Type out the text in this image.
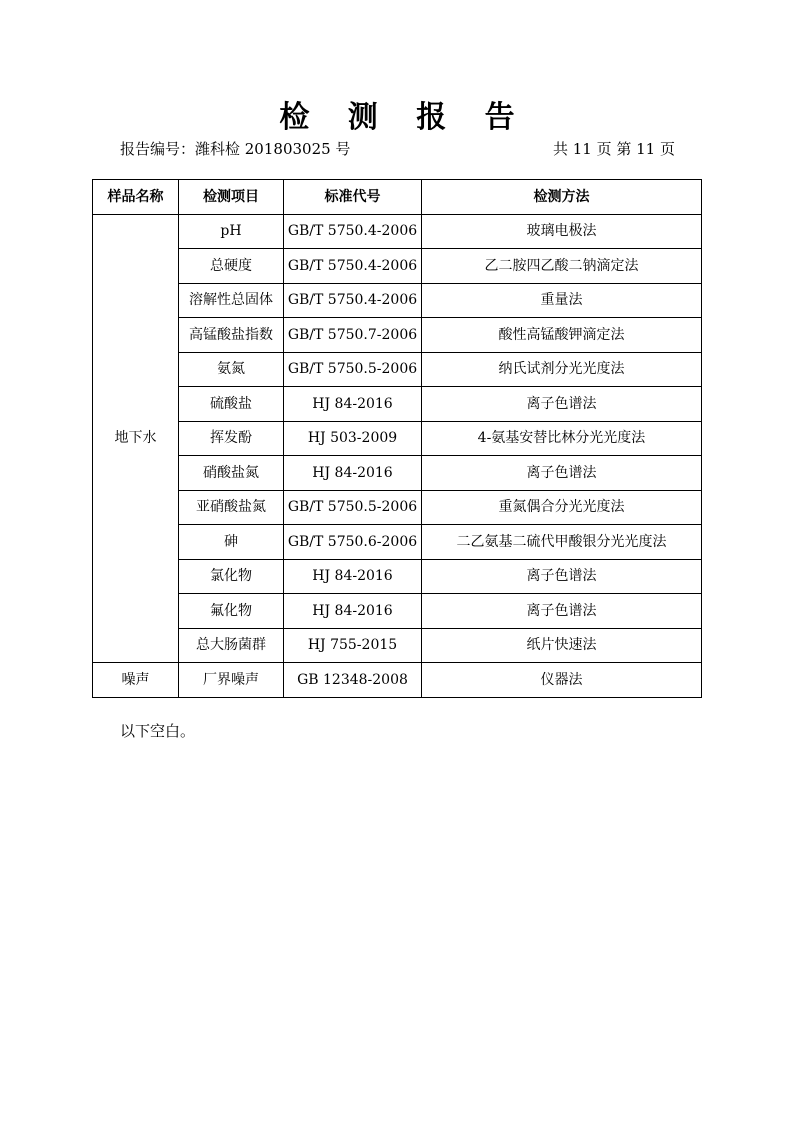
检 测 报 告
报告编号：潍科检 201803025 号	共 11 页 第 11 页
样品名称	检测项目	标准代号	检测方法
地下水	pH	GB/T 5750.4-2006	玻璃电极法
	总硬度	GB/T 5750.4-2006	乙二胺四乙酸二钠滴定法
	溶解性总固体	GB/T 5750.4-2006	重量法
	高锰酸盐指数	GB/T 5750.7-2006	酸性高锰酸钾滴定法
	氨氮	GB/T 5750.5-2006	纳氏试剂分光光度法
	硫酸盐	HJ 84-2016	离子色谱法
	挥发酚	HJ 503-2009	4-氨基安替比林分光光度法
	硝酸盐氮	HJ 84-2016	离子色谱法
	亚硝酸盐氮	GB/T 5750.5-2006	重氮偶合分光光度法
	砷	GB/T 5750.6-2006	二乙氨基二硫代甲酸银分光光度法
	氯化物	HJ 84-2016	离子色谱法
	氟化物	HJ 84-2016	离子色谱法
	总大肠菌群	HJ 755-2015	纸片快速法
噪声	厂界噪声	GB 12348-2008	仪器法
以下空白。
